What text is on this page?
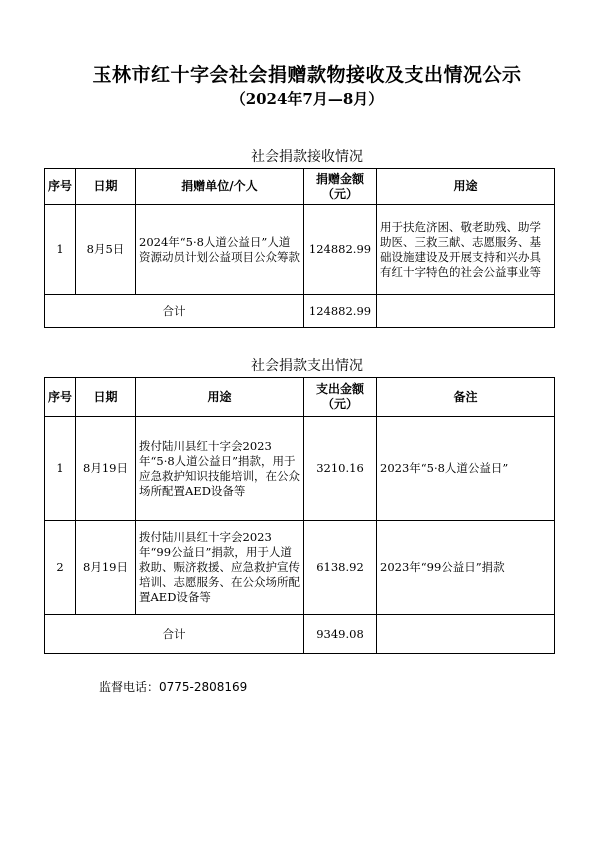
玉林市红十字会社会捐赠款物接收及支出情况公示
（2024年7月—8月）
社会捐款接收情况
序号	日期	捐赠单位/个人	捐赠金额（元）	用途
1	8月5日	2024年“5·8人道公益日”人道资源动员计划公益项目公众筹款	124882.99	用于扶危济困、敬老助残、助学助医、三救三献、志愿服务、基础设施建设及开展支持和兴办具有红十字特色的社会公益事业等
合计			124882.99	
社会捐款支出情况
序号	日期	用途	支出金额（元）	备注
1	8月19日	拨付陆川县红十字会2023年“5·8人道公益日”捐款，用于应急救护知识技能培训，在公众场所配置AED设备等	3210.16	2023年“5·8人道公益日”
2	8月19日	拨付陆川县红十字会2023年“99公益日”捐款，用于人道救助、赈济救援、应急救护宣传培训、志愿服务、在公众场所配置AED设备等	6138.92	2023年“99公益日”捐款
合计			9349.08	
监督电话：0775-2808169
